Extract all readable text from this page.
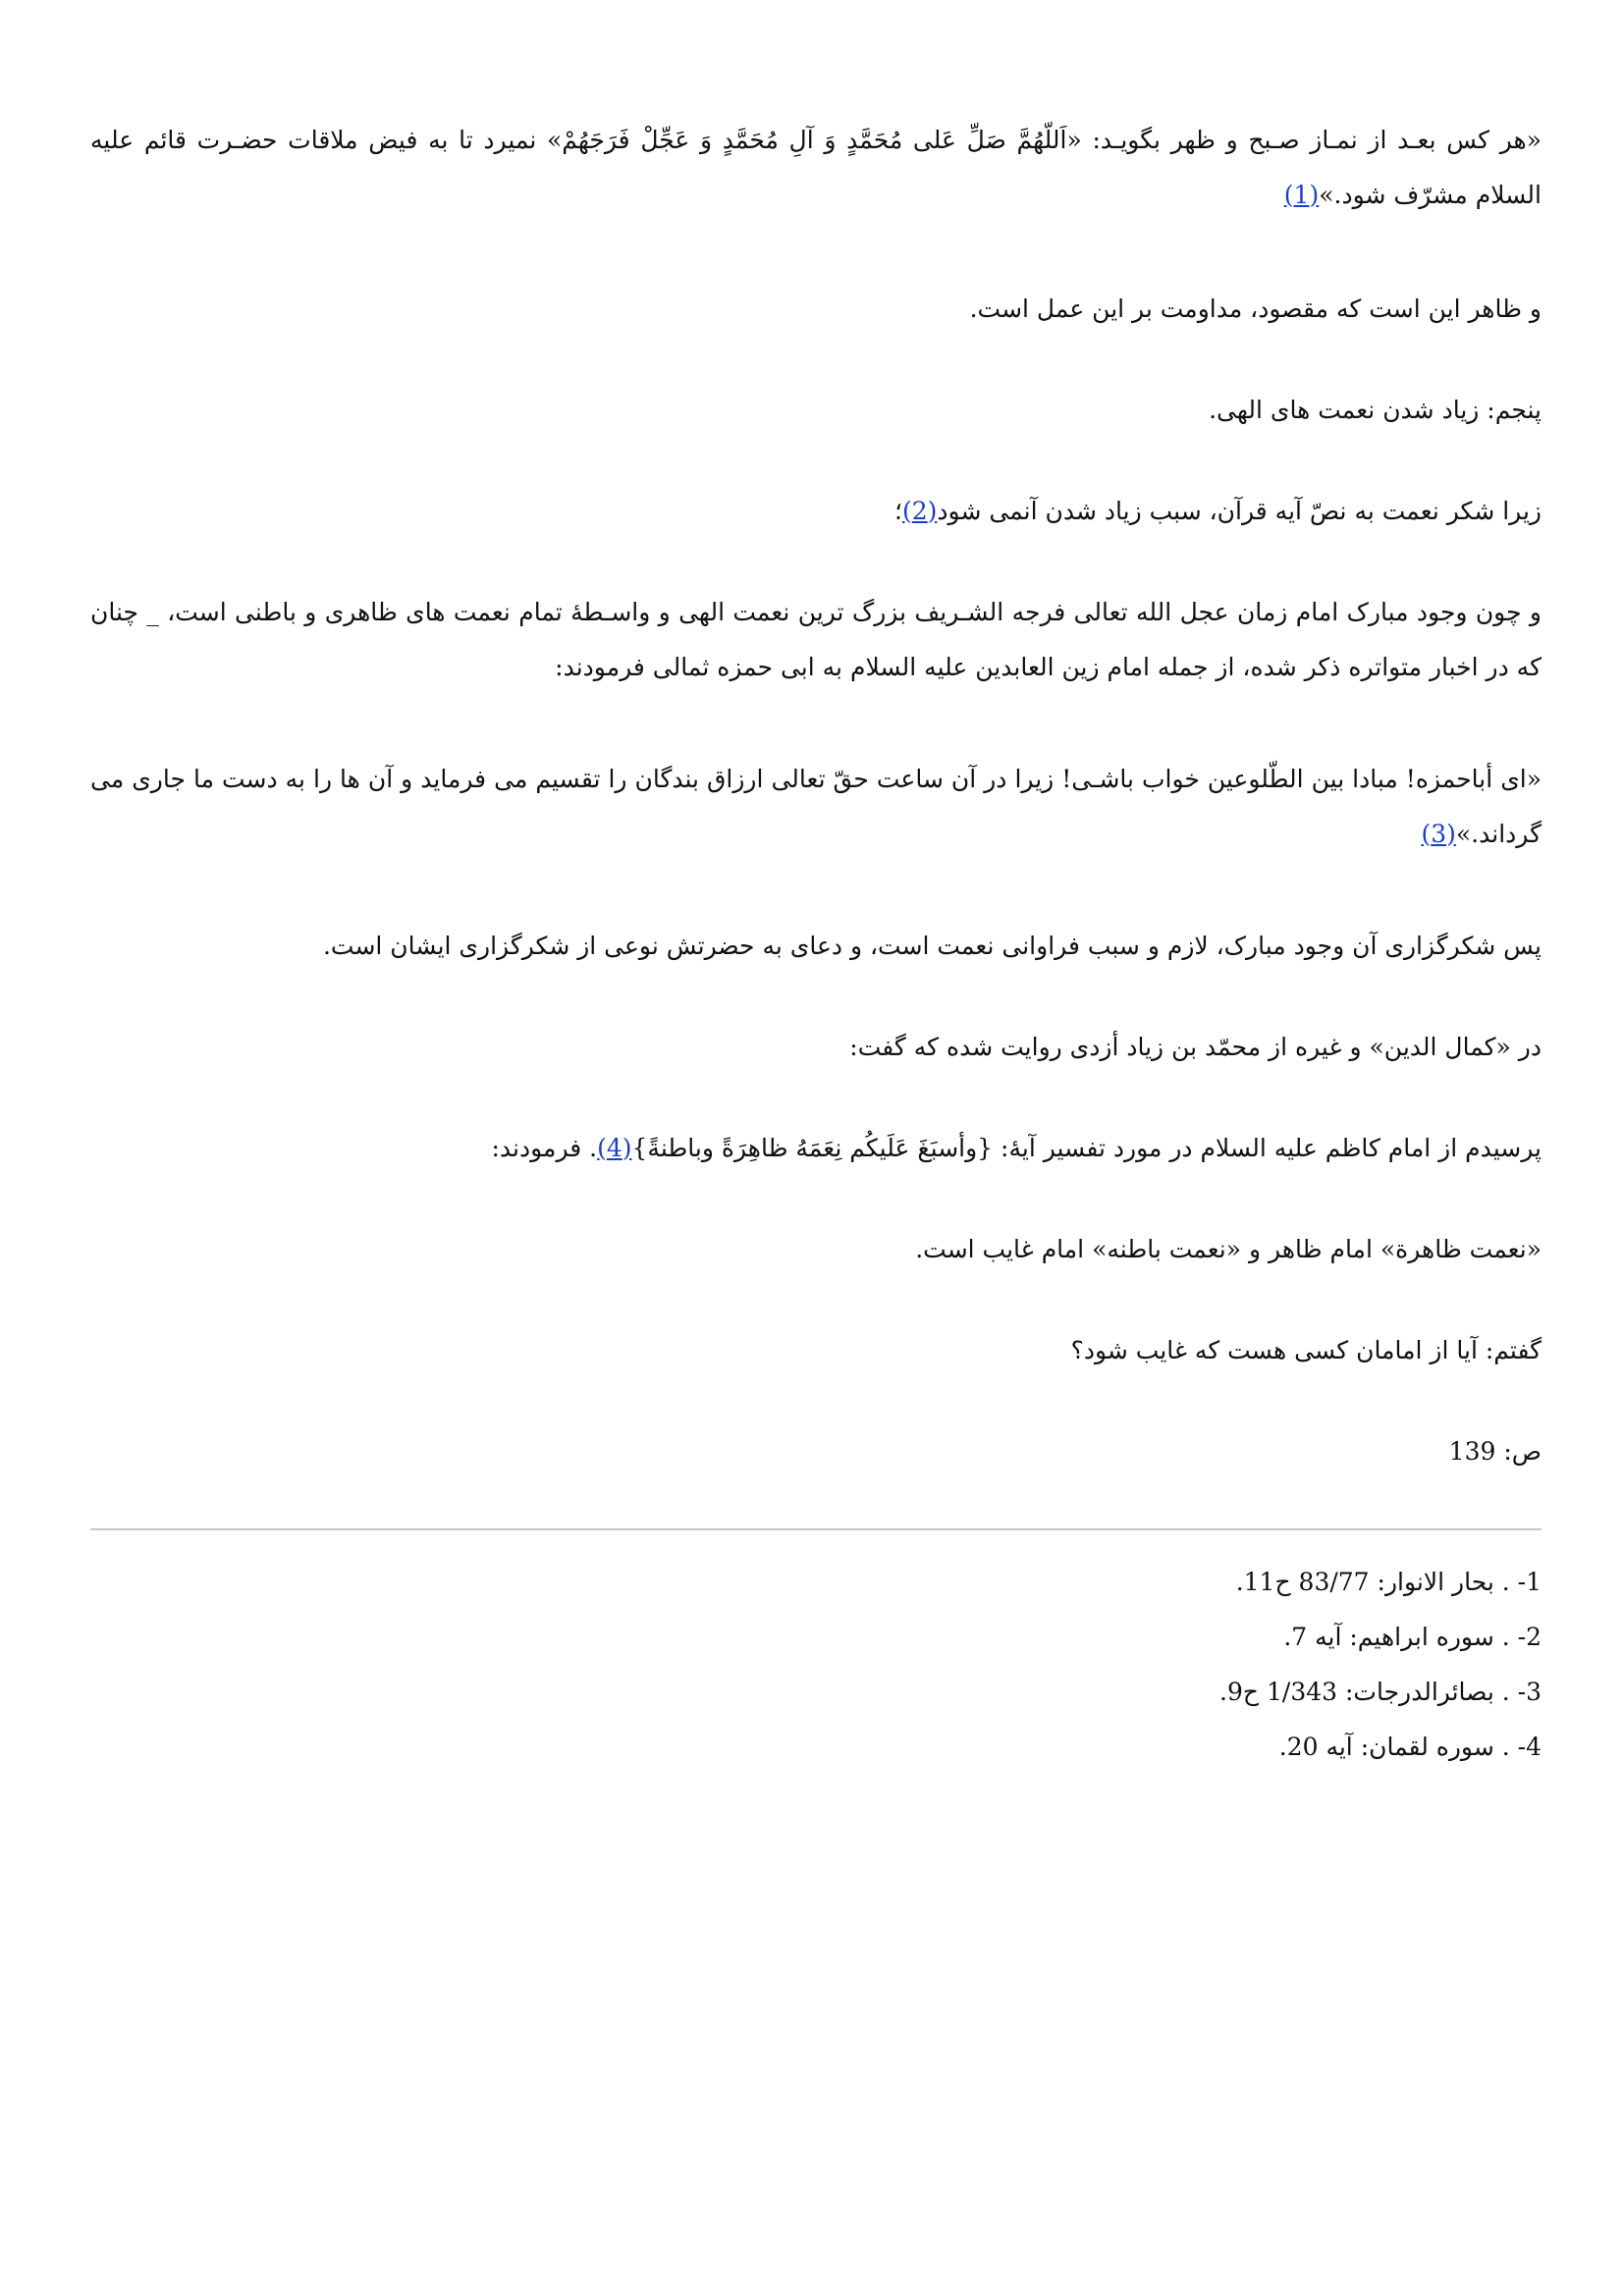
«هر کس بعـد از نمـاز صـبح و ظهر بگويـد: «اَللّهُمَّ صَلِّ عَلی مُحَمَّدٍ وَ آلِ مُحَمَّدٍ وَ عَجِّلْ فَرَجَهُمْ» نميرد تا به فيض ملاقات حضـرت قائم عليه السلام مشرّف شود.»(1)

و ظاهر اين است که مقصود، مداومت بر اين عمل است.

پنجم: زياد شدن نعمت های الهی.

زيرا شکر نعمت به نصّ آيه قرآن، سبب زياد شدن آنمی شود(2)؛

و چون وجود مبارک امام زمان عجل الله تعالی فرجه الشـريف بزرگ ترين نعمت الهی و واسـطهٔ تمام نعمت های ظاهری و باطنی است، _ چنان که در اخبار متواتره ذکر شده، از جمله امام زين العابدين عليه السلام به ابی حمزه ثمالی فرمودند:

«ای أباحمزه! مبادا بين الطّلوعين خواب باشـی! زيرا در آن ساعت حقّ تعالی ارزاق بندگان را تقسيم می فرمايد و آن ها را به دست ما جاری می گرداند.»(3)

پس شکرگزاری آن وجود مبارک، لازم و سبب فراوانی نعمت است، و دعای به حضرتش نوعی از شکرگزاری ايشان است.

در «کمال الدين» و غيره از محمّد بن زياد أزدی روايت شده که گفت:

پرسيدم از امام کاظم عليه السلام در مورد تفسير آيهٔ: {وأسبَغَ عَلَيکُم نِعَمَهُ ظاهِرَةً وباطنةً}(4). فرمودند:

«نعمت ظاهرة» امام ظاهر و «نعمت باطنه» امام غايب است.

گفتم: آيا از امامان کسی هست که غايب شود؟

ص: 139

1- . بحار الانوار: 83/77 ح11.
2- . سوره ابراهيم: آيه 7.
3- . بصائرالدرجات: 1/343 ح9.
4- . سوره لقمان: آيه 20.
